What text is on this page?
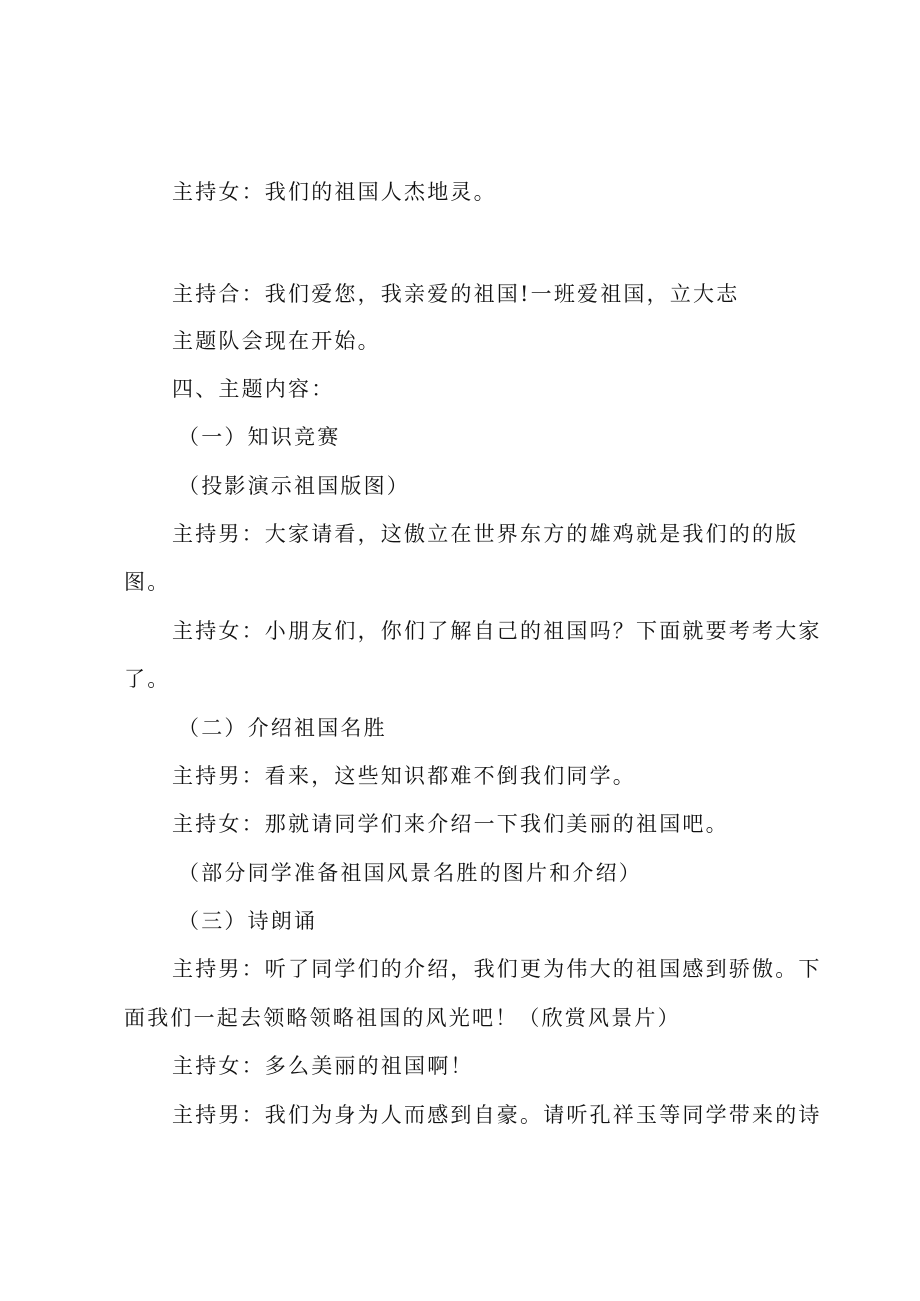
主持女：我们的祖国人杰地灵。
主持合：我们爱您，我亲爱的祖国!一班爱祖国，立大志
主题队会现在开始。
四、主题内容：
（一）知识竞赛
（投影演示祖国版图）
主持男：大家请看，这傲立在世界东方的雄鸡就是我们的的版
图。
主持女：小朋友们，你们了解自己的祖国吗？下面就要考考大家
了。
（二）介绍祖国名胜
主持男：看来，这些知识都难不倒我们同学。
主持女：那就请同学们来介绍一下我们美丽的祖国吧。
（部分同学准备祖国风景名胜的图片和介绍）
（三）诗朗诵
主持男：听了同学们的介绍，我们更为伟大的祖国感到骄傲。下
面我们一起去领略领略祖国的风光吧！（欣赏风景片）
主持女：多么美丽的祖国啊！
主持男：我们为身为人而感到自豪。请听孔祥玉等同学带来的诗
